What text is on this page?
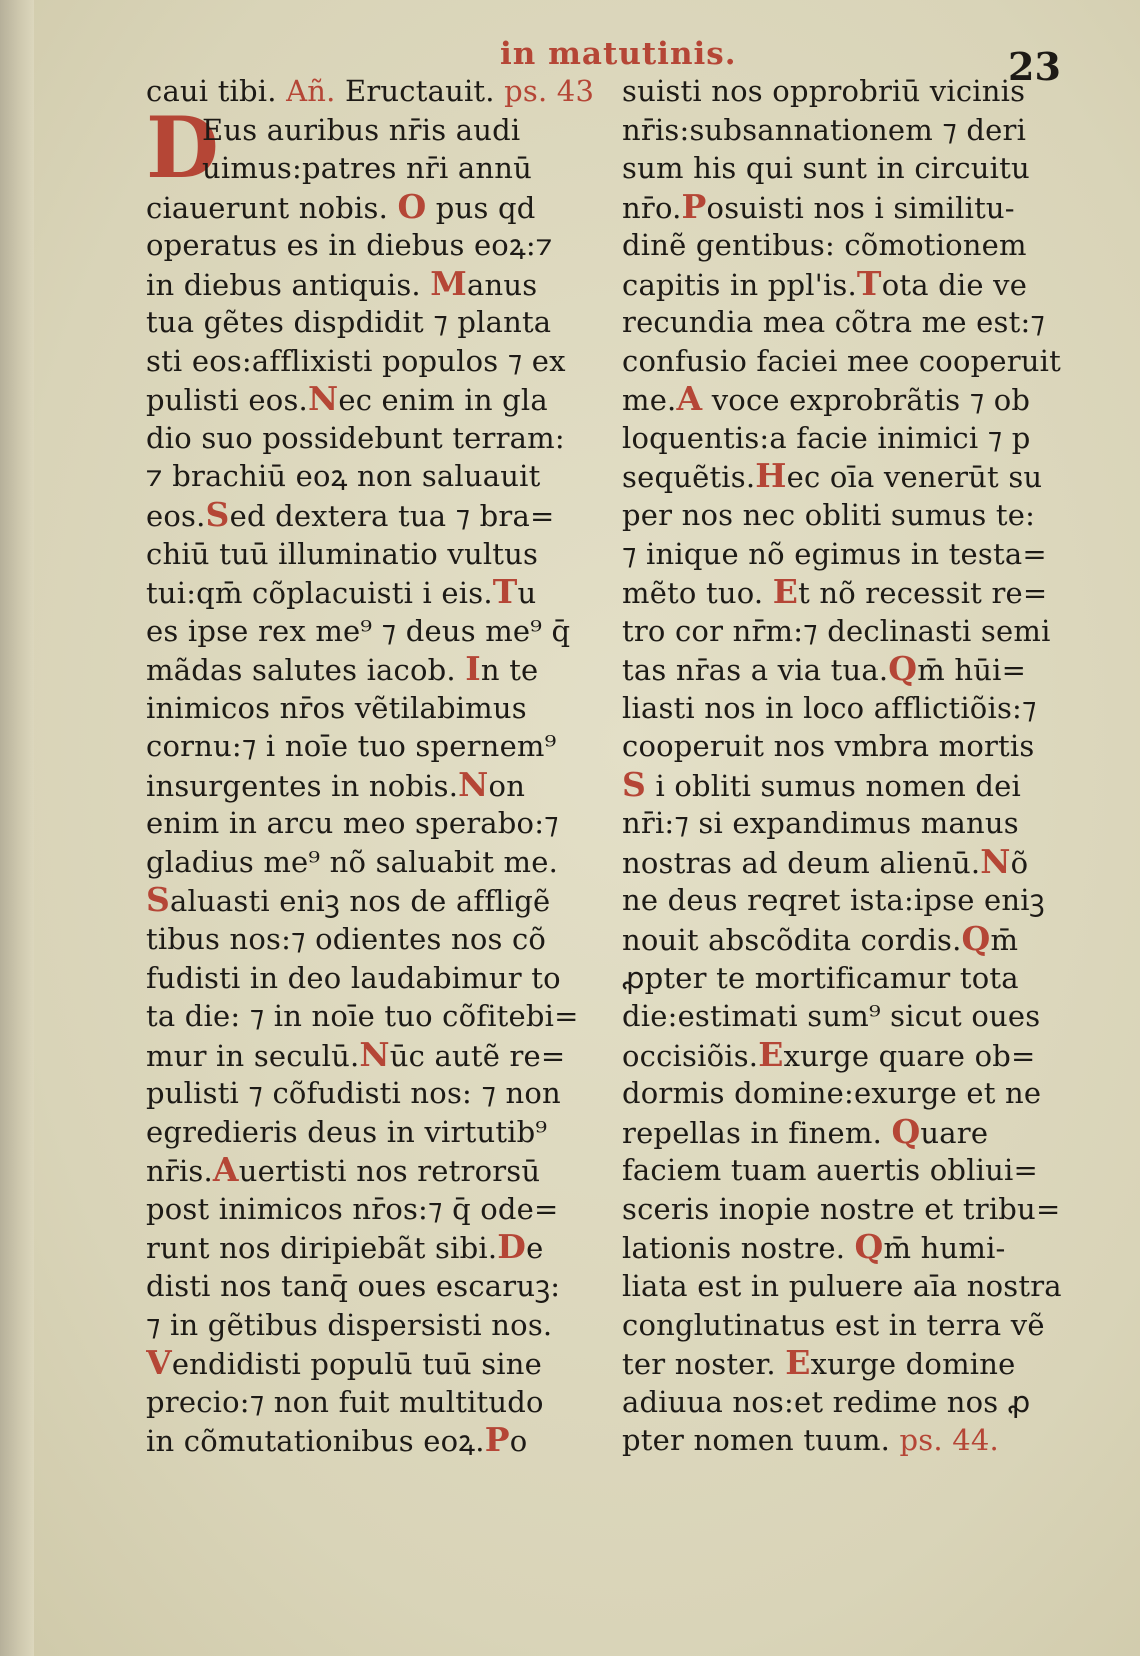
in matutinis.	23
caui tibi. Añ. Eructauit. ps. 43
D
Eus auribus nr̄is audi
uimus:patres nr̄i annū
ciauerunt nobis. O pus qd
operatus es in diebus eoꝝ:⁊
in diebus antiquis. Manus
tua gẽtes dispdidit ⁊ planta
sti eos:afflixisti populos ⁊ ex
pulisti eos.Nec enim in gla
dio suo possidebunt terram:
⁊ brachiū eoꝝ non saluauit
eos.Sed dextera tua ⁊ bra=
chiū tuū illuminatio vultus
tui:qm̄ cõplacuisti i eis.Tu
es ipse rex me⁹ ⁊ deus me⁹ q̄
mãdas salutes iacob. In te
inimicos nr̄os vẽtilabimus
cornu:⁊ i noīe tuo spernem⁹
insurgentes in nobis.Non
enim in arcu meo sperabo:⁊
gladius me⁹ nõ saluabit me.
Saluasti eniꝫ nos de affligẽ
tibus nos:⁊ odientes nos cõ
fudisti in deo laudabimur to
ta die: ⁊ in noīe tuo cõfitebi=
mur in seculū.Nūc autẽ re=
pulisti ⁊ cõfudisti nos: ⁊ non
egredieris deus in virtutib⁹
nr̄is.Auertisti nos retrorsū
post inimicos nr̄os:⁊ q̄ ode=
runt nos diripiebãt sibi.De
disti nos tanq̄ oues escaruꝫ:
⁊ in gẽtibus dispersisti nos.
Vendidisti populū tuū sine
precio:⁊ non fuit multitudo
in cõmutationibus eoꝝ.Po
suisti nos opprobriū vicinis
nr̄is:subsannationem ⁊ deri
sum his qui sunt in circuitu
nr̄o.Posuisti nos i similitu-
dinẽ gentibus: cõmotionem
capitis in ppl'is.Tota die ve
recundia mea cõtra me est:⁊
confusio faciei mee cooperuit
me.A voce exprobrãtis ⁊ ob
loquentis:a facie inimici ⁊ p
sequẽtis.Hec oīa venerūt su
per nos nec obliti sumus te:
⁊ inique nõ egimus in testa=
mẽto tuo. Et nõ recessit re=
tro cor nr̄m:⁊ declinasti semi
tas nr̄as a via tua.Qm̄ hūi=
liasti nos in loco afflictiõis:⁊
cooperuit nos vmbra mortis
S i obliti sumus nomen dei
nr̄i:⁊ si expandimus manus
nostras ad deum alienū.Nõ
ne deus reqret ista:ipse eniꝫ
nouit abscõdita cordis.Qm̄
ꝓpter te mortificamur tota
die:estimati sum⁹ sicut oues
occisiõis.Exurge quare ob=
dormis domine:exurge et ne
repellas in finem. Quare
faciem tuam auertis obliui=
sceris inopie nostre et tribu=
lationis nostre. Qm̄ humi-
liata est in puluere aīa nostra
conglutinatus est in terra vẽ
ter noster. Exurge domine
adiuua nos:et redime nos ꝓ
pter nomen tuum. ps. 44.
